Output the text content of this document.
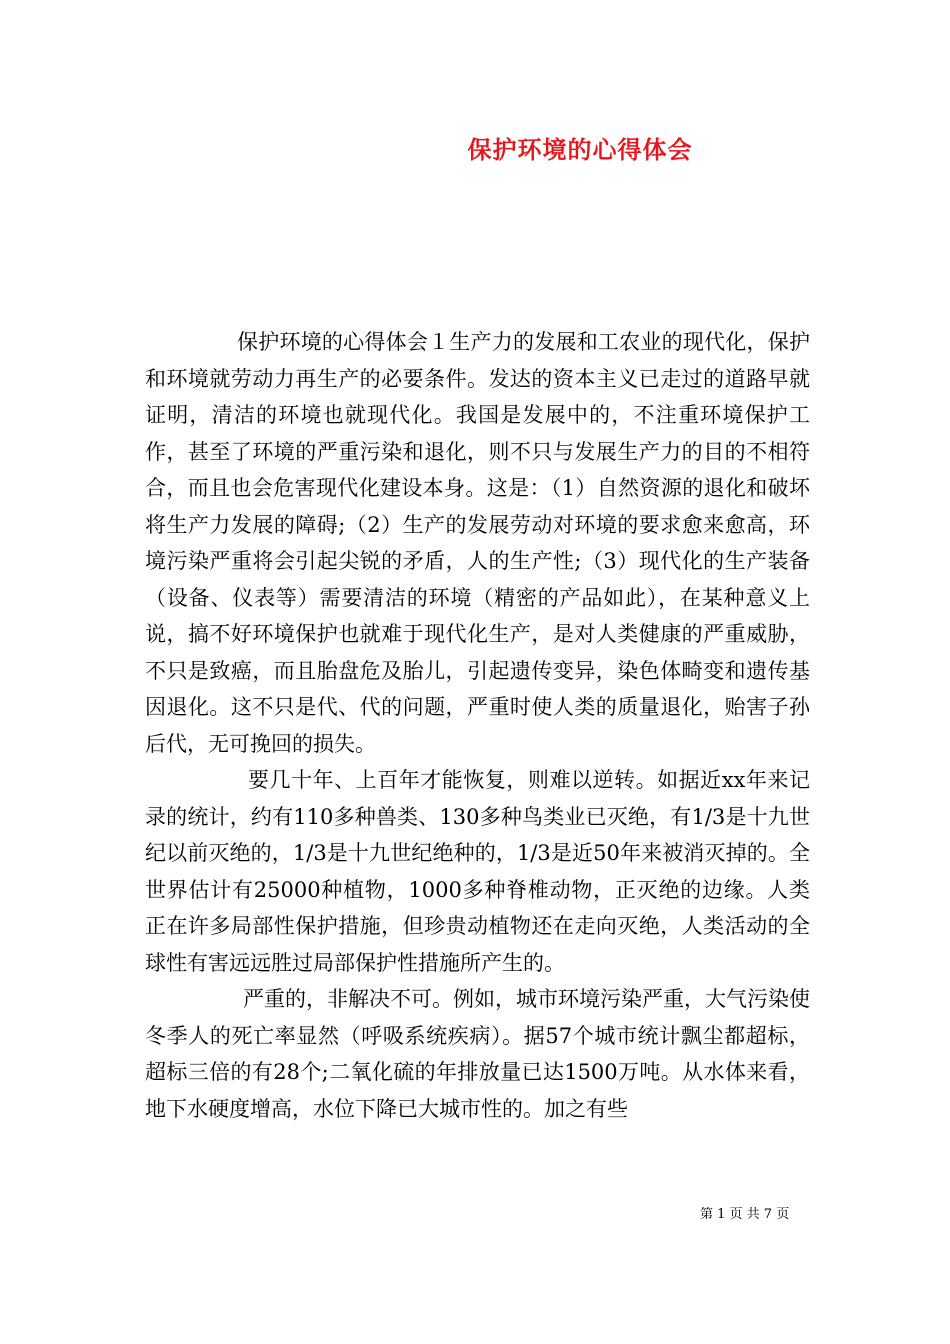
保护环境的心得体会

保护环境的心得体会１生产力的发展和工农业的现代化，保护和环境就劳动力再生产的必要条件。发达的资本主义已走过的道路早就证明，清洁的环境也就现代化。我国是发展中的，不注重环境保护工作，甚至了环境的严重污染和退化，则不只与发展生产力的目的不相符合，而且也会危害现代化建设本身。这是：（1）自然资源的退化和破坏将生产力发展的障碍;（2）生产的发展劳动对环境的要求愈来愈高，环境污染严重将会引起尖锐的矛盾，人的生产性;（3）现代化的生产装备（设备、仪表等）需要清洁的环境（精密的产品如此），在某种意义上说，搞不好环境保护也就难于现代化生产，是对人类健康的严重威胁，不只是致癌，而且胎盘危及胎儿，引起遗传变异，染色体畸变和遗传基因退化。这不只是代、代的问题，严重时使人类的质量退化，贻害子孙后代，无可挽回的损失。

要几十年、上百年才能恢复，则难以逆转。如据近xx年来记录的统计，约有110多种兽类、130多种鸟类业已灭绝，有1/3是十九世纪以前灭绝的，1/3是十九世纪绝种的，1/3是近50年来被消灭掉的。全世界估计有25000种植物，1000多种脊椎动物，正灭绝的边缘。人类正在许多局部性保护措施，但珍贵动植物还在走向灭绝，人类活动的全球性有害远远胜过局部保护性措施所产生的。

严重的，非解决不可。例如，城市环境污染严重，大气污染使冬季人的死亡率显然（呼吸系统疾病）。据57个城市统计飘尘都超标，超标三倍的有28个;二氧化硫的年排放量已达1500万吨。从水体来看，地下水硬度增高，水位下降已大城市性的。加之有些

第 1 页 共 7 页
